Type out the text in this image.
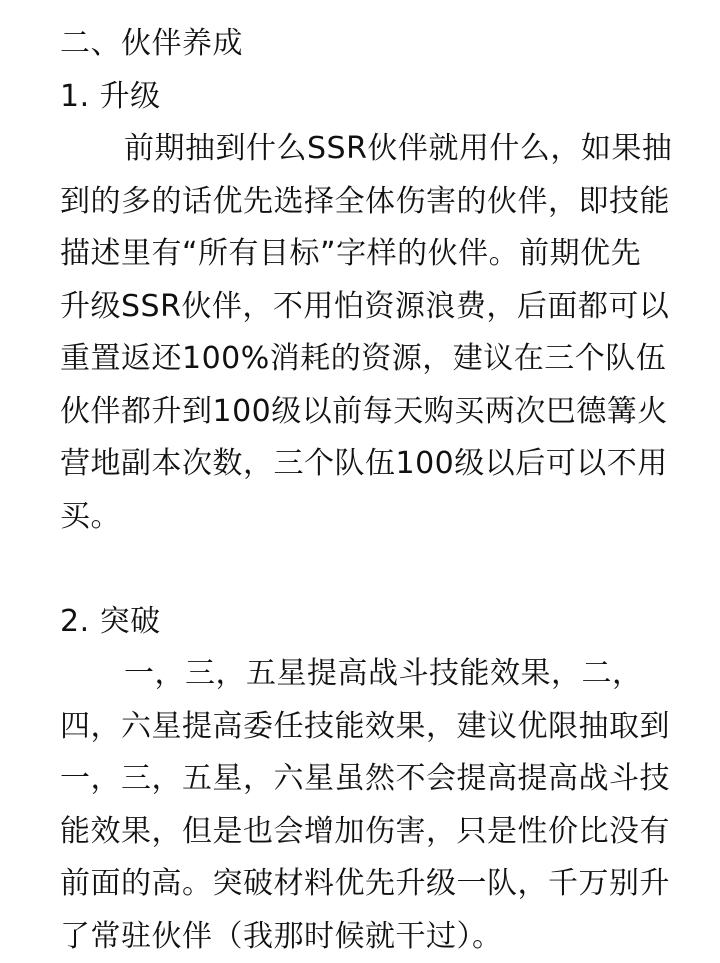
二、伙伴养成
1. 升级
前期抽到什么SSR伙伴就用什么，如果抽
到的多的话优先选择全体伤害的伙伴，即技能
描述里有“所有目标”字样的伙伴。前期优先
升级SSR伙伴，不用怕资源浪费，后面都可以
重置返还100%消耗的资源，建议在三个队伍
伙伴都升到100级以前每天购买两次巴德篝火
营地副本次数，三个队伍100级以后可以不用
买。
2. 突破
一，三，五星提高战斗技能效果，二，
四，六星提高委任技能效果，建议优限抽取到
一，三，五星，六星虽然不会提高提高战斗技
能效果，但是也会增加伤害，只是性价比没有
前面的高。突破材料优先升级一队，千万别升
了常驻伙伴（我那时候就干过）。
